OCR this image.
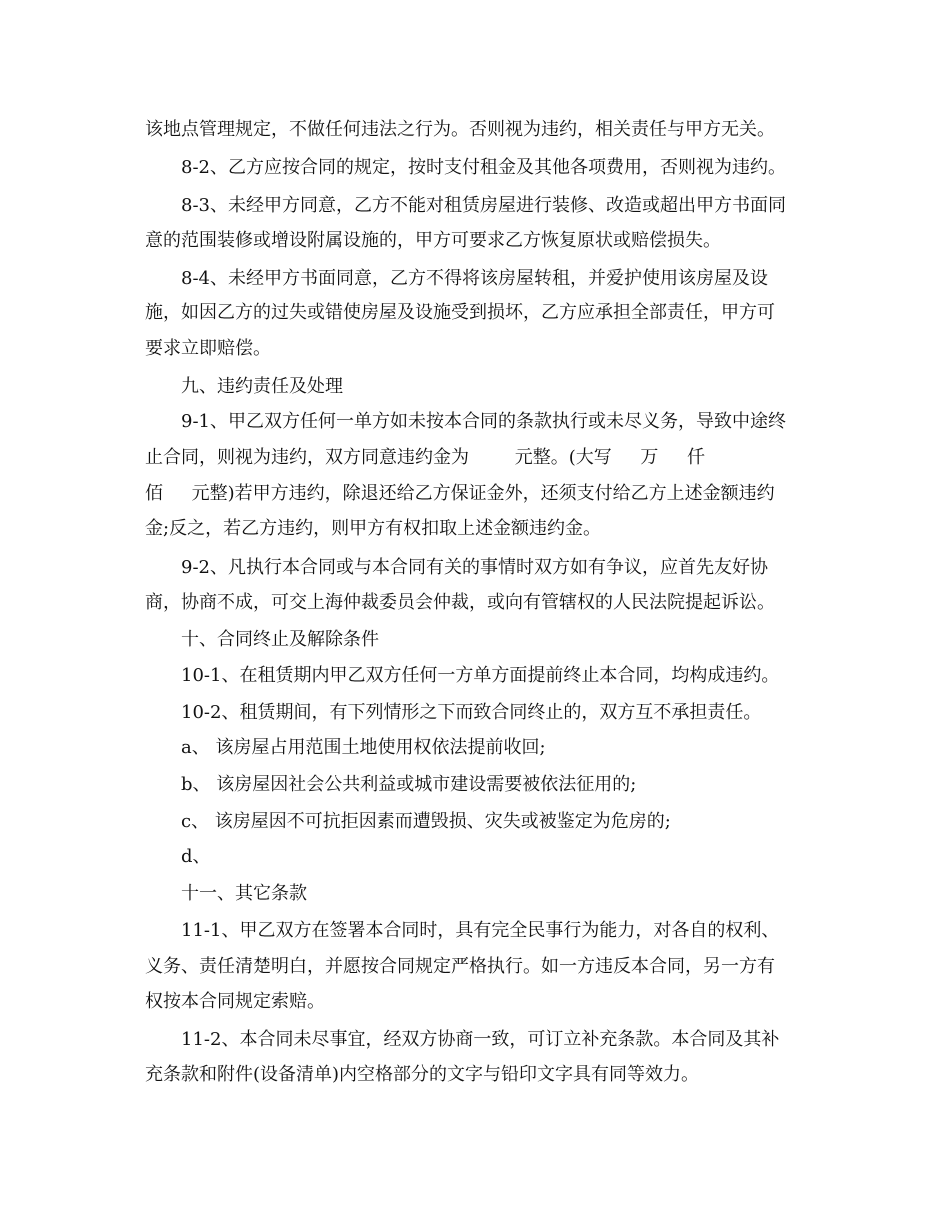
该地点管理规定，不做任何违法之行为。否则视为违约，相关责任与甲方无关。

8-2、乙方应按合同的规定，按时支付租金及其他各项费用，否则视为违约。

8-3、未经甲方同意，乙方不能对租赁房屋进行装修、改造或超出甲方书面同

意的范围装修或增设附属设施的，甲方可要求乙方恢复原状或赔偿损失。

8-4、未经甲方书面同意，乙方不得将该房屋转租，并爱护使用该房屋及设

施，如因乙方的过失或错使房屋及设施受到损坏，乙方应承担全部责任，甲方可

要求立即赔偿。

九、违约责任及处理

9-1、甲乙双方任何一单方如未按本合同的条款执行或未尽义务，导致中途终

止合同，则视为违约，双方同意违约金为        元整。(大写     万     仟

佰     元整)若甲方违约，除退还给乙方保证金外，还须支付给乙方上述金额违约

金;反之，若乙方违约，则甲方有权扣取上述金额违约金。

9-2、凡执行本合同或与本合同有关的事情时双方如有争议，应首先友好协

商，协商不成，可交上海仲裁委员会仲裁，或向有管辖权的人民法院提起诉讼。

十、合同终止及解除条件

10-1、在租赁期内甲乙双方任何一方单方面提前终止本合同，均构成违约。

10-2、租赁期间，有下列情形之下而致合同终止的，双方互不承担责任。

a、 该房屋占用范围土地使用权依法提前收回;

b、 该房屋因社会公共利益或城市建设需要被依法征用的;

c、 该房屋因不可抗拒因素而遭毁损、灾失或被鉴定为危房的;

d、

十一、其它条款

11-1、甲乙双方在签署本合同时，具有完全民事行为能力，对各自的权利、

义务、责任清楚明白，并愿按合同规定严格执行。如一方违反本合同，另一方有

权按本合同规定索赔。

11-2、本合同未尽事宜，经双方协商一致，可订立补充条款。本合同及其补

充条款和附件(设备清单)内空格部分的文字与铅印文字具有同等效力。
